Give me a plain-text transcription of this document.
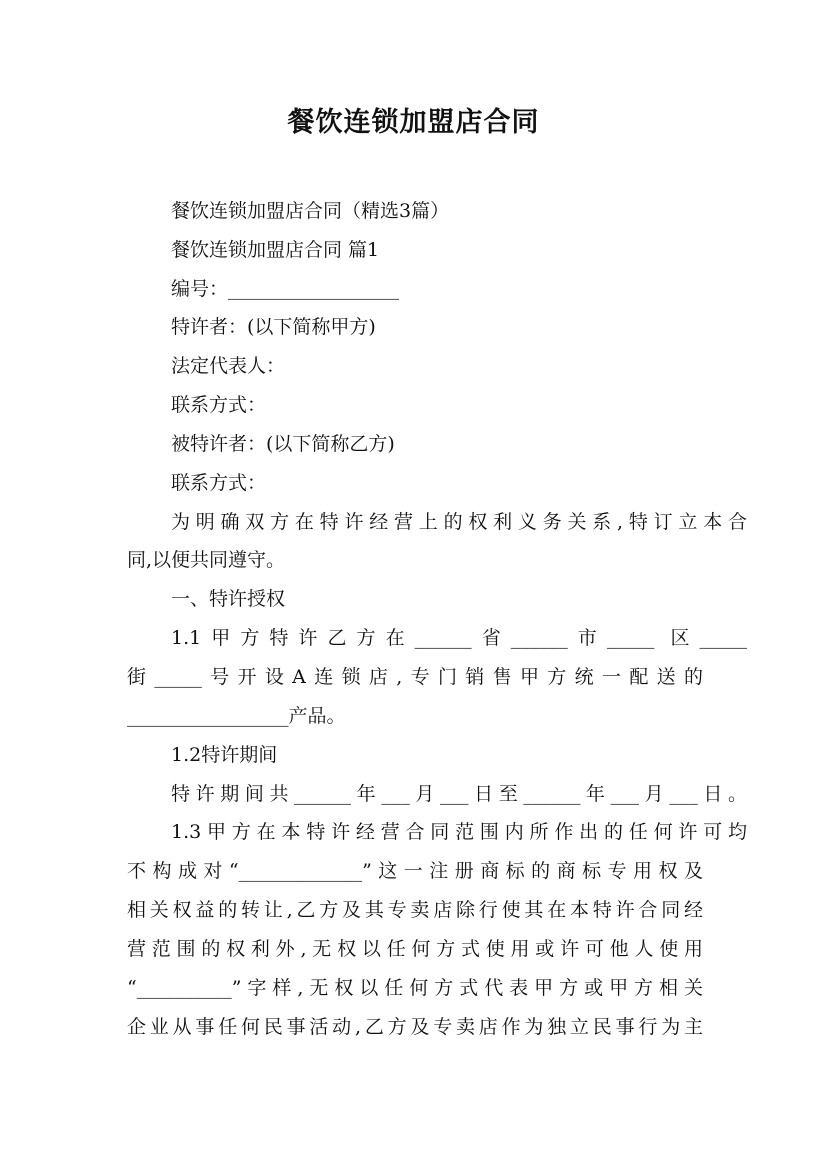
餐饮连锁加盟店合同
餐饮连锁加盟店合同（精选3篇）
餐饮连锁加盟店合同 篇1
编号：__________________
特许者：(以下简称甲方)
法定代表人：
联系方式：
被特许者：(以下简称乙方)
联系方式：
为明确双方在特许经营上的权利义务关系,特订立本合
同,以便共同遵守。
一、特许授权
1.1甲方特许乙方在______省______市_____ 区_____
街_____号开设A连锁店,专门销售甲方统一配送的
_________________产品。
1.2特许期间
特许期间共______年___月___日至______年___月___日。
1.3甲方在本特许经营合同范围内所作出的任何许可均
不构成对“_____________”这一注册商标的商标专用权及
相关权益的转让,乙方及其专卖店除行使其在本特许合同经
营范围的权利外,无权以任何方式使用或许可他人使用
“__________”字样,无权以任何方式代表甲方或甲方相关
企业从事任何民事活动,乙方及专卖店作为独立民事行为主
